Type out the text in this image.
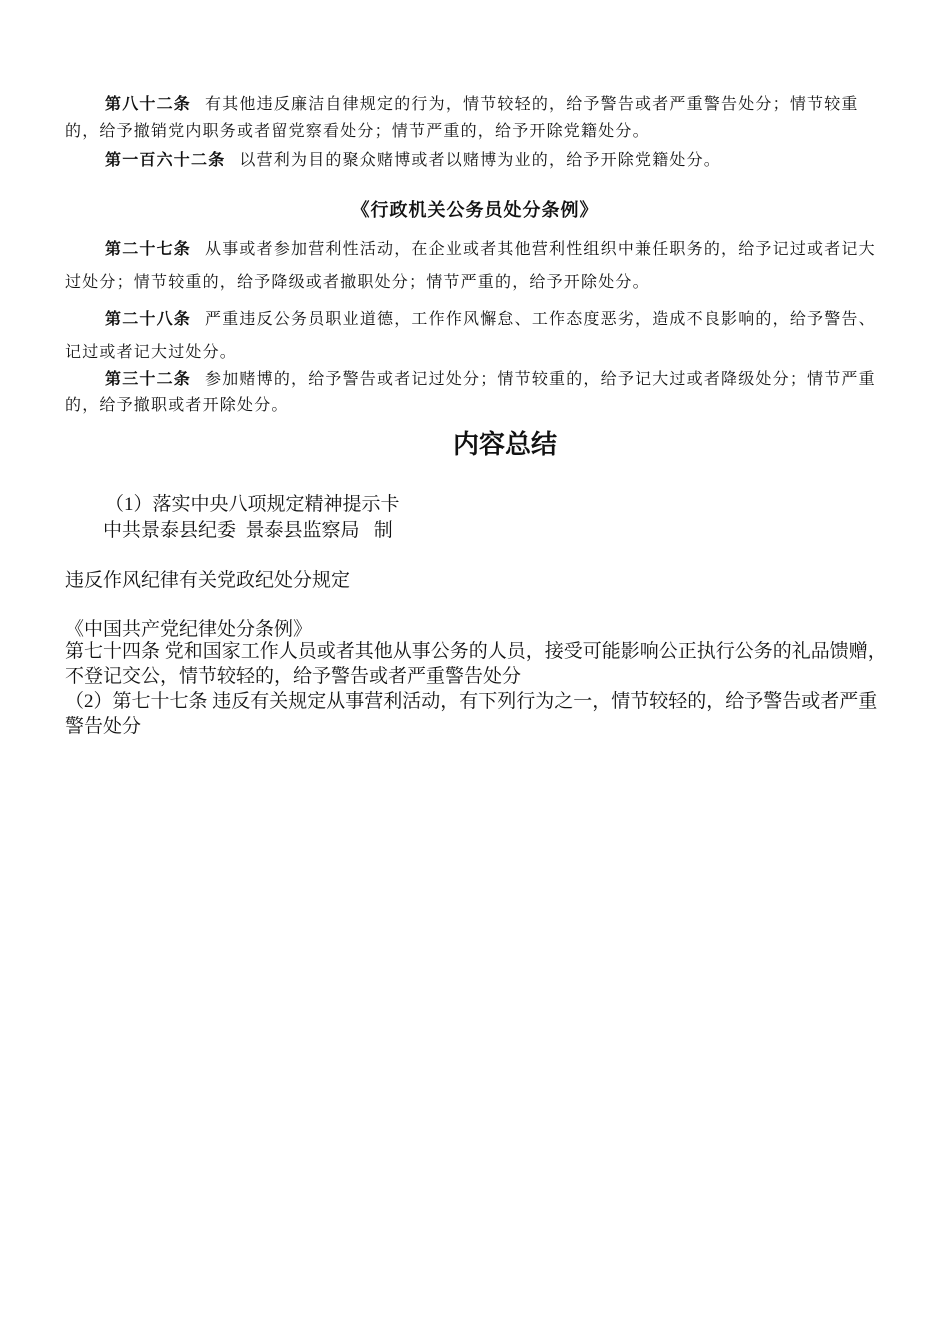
第八十二条 有其他违反廉洁自律规定的行为，情节较轻的，给予警告或者严重警告处分；情节较重的，给予撤销党内职务或者留党察看处分；情节严重的，给予开除党籍处分。

第一百六十二条 以营利为目的聚众赌博或者以赌博为业的，给予开除党籍处分。

《行政机关公务员处分条例》

第二十七条 从事或者参加营利性活动，在企业或者其他营利性组织中兼任职务的，给予记过或者记大过处分；情节较重的，给予降级或者撤职处分；情节严重的，给予开除处分。

第二十八条 严重违反公务员职业道德，工作作风懈怠、工作态度恶劣，造成不良影响的，给予警告、记过或者记大过处分。

第三十二条 参加赌博的，给予警告或者记过处分；情节较重的，给予记大过或者降级处分；情节严重的，给予撤职或者开除处分。

内容总结

（1）落实中央八项规定精神提示卡

中共景泰县纪委  景泰县监察局   制

违反作风纪律有关党政纪处分规定

《中国共产党纪律处分条例》

第七十四条 党和国家工作人员或者其他从事公务的人员，接受可能影响公正执行公务的礼品馈赠，不登记交公，情节较轻的，给予警告或者严重警告处分

（2）第七十七条 违反有关规定从事营利活动，有下列行为之一，情节较轻的，给予警告或者严重警告处分
